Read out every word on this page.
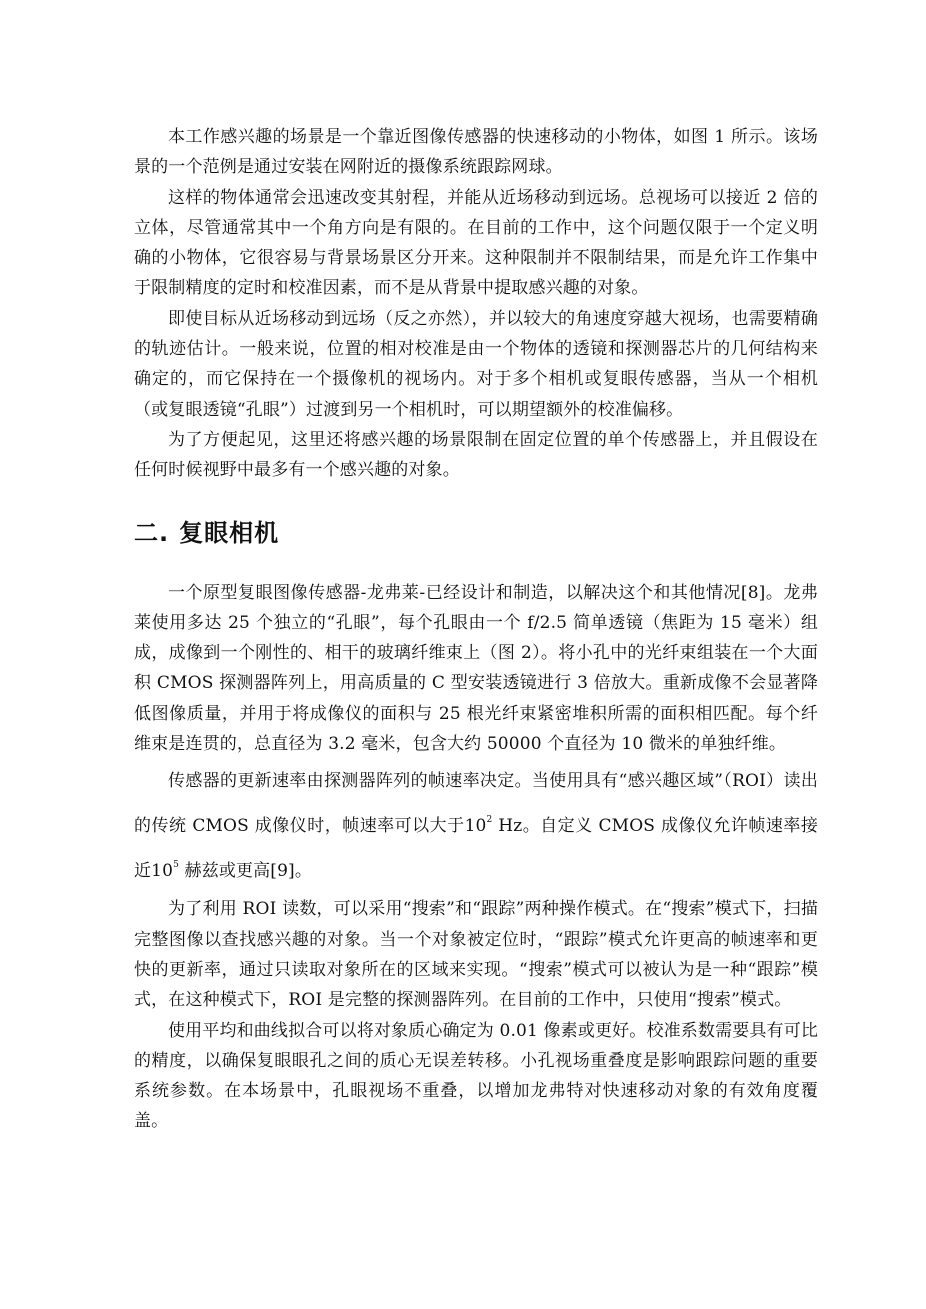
本工作感兴趣的场景是一个靠近图像传感器的快速移动的小物体，如图 1 所示。该场景的一个范例是通过安装在网附近的摄像系统跟踪网球。

这样的物体通常会迅速改变其射程，并能从近场移动到远场。总视场可以接近 2 倍的立体，尽管通常其中一个角方向是有限的。在目前的工作中，这个问题仅限于一个定义明确的小物体，它很容易与背景场景区分开来。这种限制并不限制结果，而是允许工作集中于限制精度的定时和校准因素，而不是从背景中提取感兴趣的对象。

即使目标从近场移动到远场（反之亦然），并以较大的角速度穿越大视场，也需要精确的轨迹估计。一般来说，位置的相对校准是由一个物体的透镜和探测器芯片的几何结构来确定的，而它保持在一个摄像机的视场内。对于多个相机或复眼传感器，当从一个相机（或复眼透镜“孔眼”）过渡到另一个相机时，可以期望额外的校准偏移。

为了方便起见，这里还将感兴趣的场景限制在固定位置的单个传感器上，并且假设在任何时候视野中最多有一个感兴趣的对象。

二. 复眼相机

一个原型复眼图像传感器-龙弗莱-已经设计和制造，以解决这个和其他情况[8]。龙弗莱使用多达 25 个独立的“孔眼”，每个孔眼由一个 f/2.5 简单透镜（焦距为 15 毫米）组成，成像到一个刚性的、相干的玻璃纤维束上（图 2）。将小孔中的光纤束组装在一个大面积 CMOS 探测器阵列上，用高质量的 C 型安装透镜进行 3 倍放大。重新成像不会显著降低图像质量，并用于将成像仪的面积与 25 根光纤束紧密堆积所需的面积相匹配。每个纤维束是连贯的，总直径为 3.2 毫米，包含大约 50000 个直径为 10 微米的单独纤维。

传感器的更新速率由探测器阵列的帧速率决定。当使用具有“感兴趣区域”（ROI）读出的传统 CMOS 成像仪时，帧速率可以大于$10^2$ Hz。自定义 CMOS 成像仪允许帧速率接近$10^5$ 赫兹或更高[9]。

为了利用 ROI 读数，可以采用“搜索”和“跟踪”两种操作模式。在“搜索”模式下，扫描完整图像以查找感兴趣的对象。当一个对象被定位时，“跟踪”模式允许更高的帧速率和更快的更新率，通过只读取对象所在的区域来实现。“搜索”模式可以被认为是一种“跟踪”模式，在这种模式下，ROI 是完整的探测器阵列。在目前的工作中，只使用“搜索”模式。

使用平均和曲线拟合可以将对象质心确定为 0.01 像素或更好。校准系数需要具有可比的精度，以确保复眼眼孔之间的质心无误差转移。小孔视场重叠度是影响跟踪问题的重要系统参数。在本场景中，孔眼视场不重叠，以增加龙弗特对快速移动对象的有效角度覆盖。
